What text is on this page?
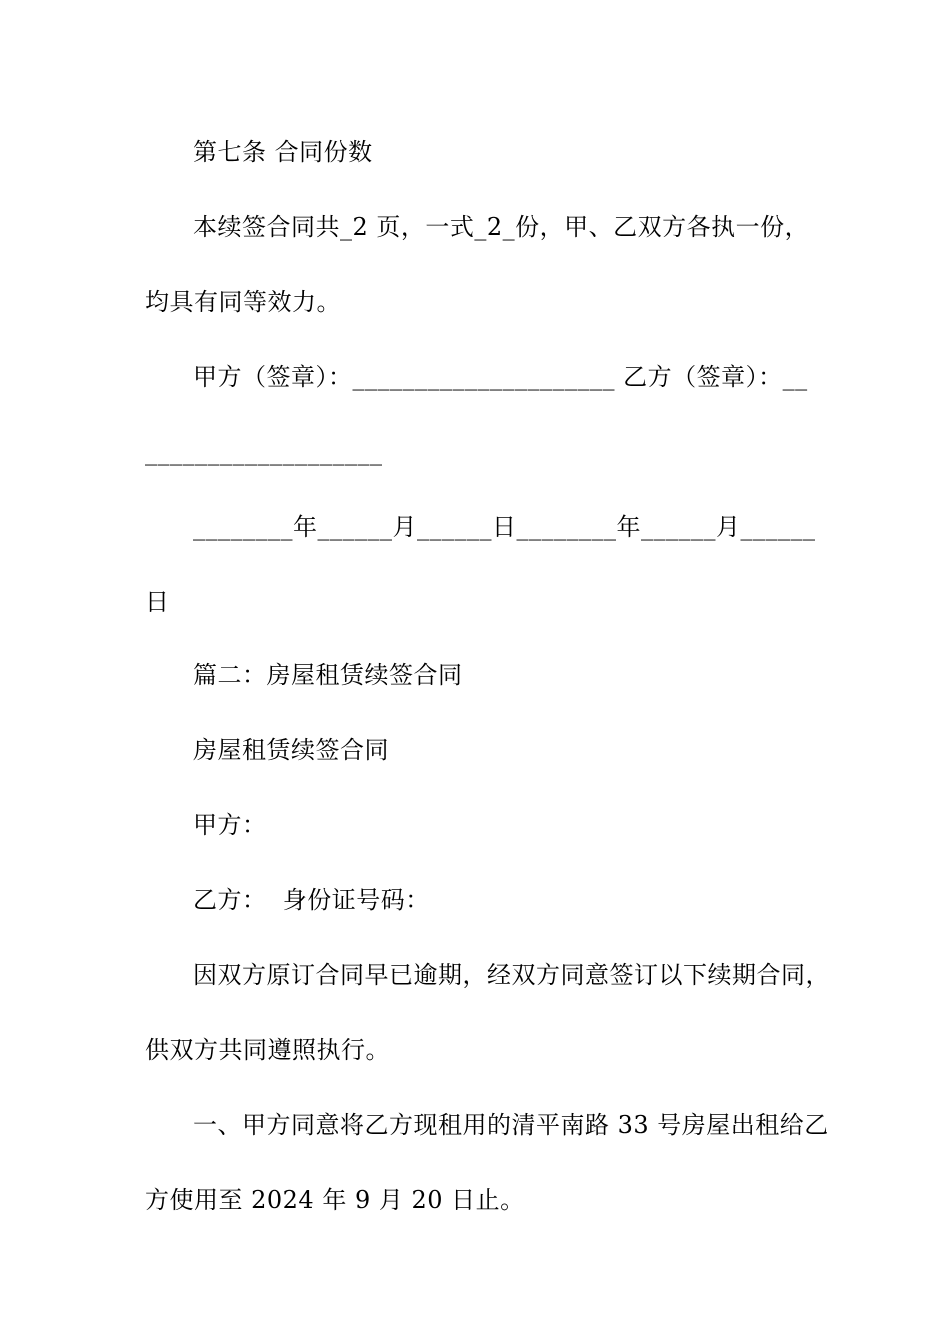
第七条 合同份数
本续签合同共_2 页，一式_2_份，甲、乙双方各执一份，
均具有同等效力。
甲方（签章）：_____________________ 乙方（签章）：__
___________________
________年______月______日________年______月______
日
篇二：房屋租赁续签合同
房屋租赁续签合同
甲方：
乙方：  身份证号码：
因双方原订合同早已逾期，经双方同意签订以下续期合同，
供双方共同遵照执行。
一、甲方同意将乙方现租用的清平南路 33 号房屋出租给乙
方使用至 2024 年 9 月 20 日止。
